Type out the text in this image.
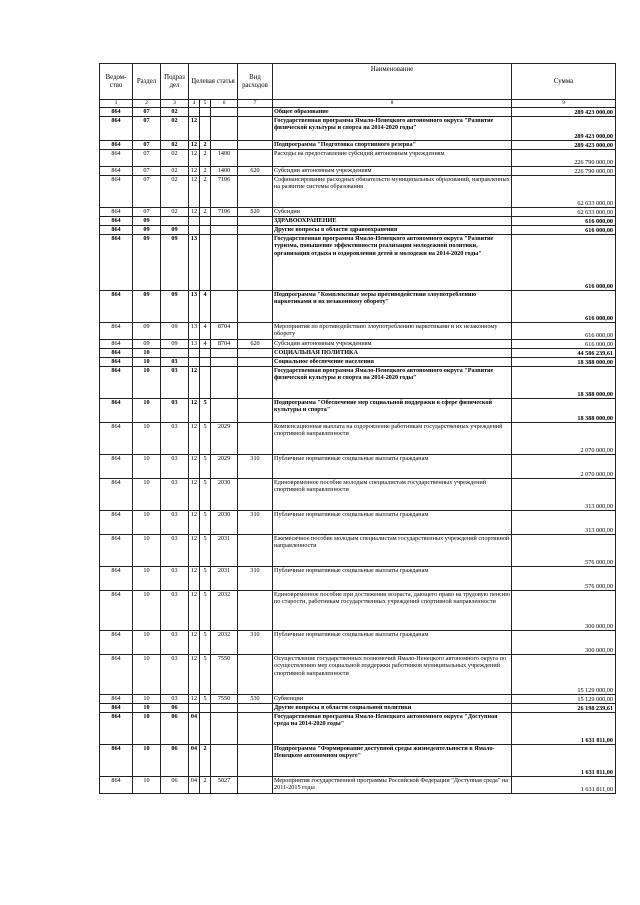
Ведом-ство	Раздел	Подраз дел	Целевая статья			Вид расходов	Наименование	Сумма
1	2	3	4	5	6	7	8	9
864	07	02					Общее образование	289 423 000,00
864	07	02	12				Государственная программа Ямало-Ненецкого автономного округа "Развитие физической культуры и спорта на 2014-2020 годы"	289 423 000,00
864	07	02	12	2			Подпрограмма "Подготовка спортивного резерва"	289 423 000,00
864	07	02	12	2	1400		Расходы на предоставление субсидий автономным учреждениям	226 790 000,00
864	07	02	12	2	1400	620	Субсидии автономным учреждениям	226 790 000,00
864	07	02	12	2	7106		Софинансирование расходных обязательств муниципальных образований, направленных на развитие системы образования	62 633 000,00
864	07	02	12	2	7106	520	Субсидии	62 633 000,00
864	09						ЗДРАВООХРАНЕНИЕ	616 000,00
864	09	09					Другие вопросы в области здравоохранения	616 000,00
864	09	09	13				Государственная программа Ямало-Ненецкого автономного округа "Развитие туризма, повышение эффективности реализации молодежной политики, организация отдыха и оздоровления детей и молодежи на 2014-2020 годы"	616 000,00
864	09	09	13	4			Подпрограмма "Комплексные меры противодействия злоупотреблению наркотиками и их незаконному обороту"	616 000,00
864	09	09	13	4	8704		Мероприятия по противодействию злоупотреблению наркотиками и их незаконному обороту	616 000,00
864	09	09	13	4	8704	620	Субсидии автономным учреждениям	616 000,00
864	10						СОЦИАЛЬНАЯ ПОЛИТИКА	44 586 239,61
864	10	03					Социальное обеспечение населения	18 388 000,00
864	10	03	12				Государственная программа Ямало-Ненецкого автономного округа "Развитие физической культуры и спорта на 2014-2020 годы"	18 388 000,00
864	10	03	12	5			Подпрограмма "Обеспечение мер социальной поддержки в сфере физической культуры и спорта"	18 388 000,00
864	10	03	12	5	2029		Компенсационная выплата на оздоровление работникам государственных учреждений спортивной направленности	2 070 000,00
864	10	03	12	5	2029	310	Публичные нормативные социальные выплаты гражданам	2 070 000,00
864	10	03	12	5	2030		Единовременное пособие молодым специалистам государственных учреждений спортивной направленности	313 000,00
864	10	03	12	5	2030	310	Публичные нормативные социальные выплаты гражданам	313 000,00
864	10	03	12	5	2031		Ежемесячное пособие молодым специалистам государственных учреждений спортивной направленности	576 000,00
864	10	03	12	5	2031	310	Публичные нормативные социальные выплаты гражданам	576 000,00
864	10	03	12	5	2032		Единовременное пособие при достижении возраста, дающего право на трудовую пенсию по старости, работникам государственных учреждений спортивной направленности	300 000,00
864	10	03	12	5	2032	310	Публичные нормативные социальные выплаты гражданам	300 000,00
864	10	03	12	5	7550		Осуществление государственных полномочий Ямало-Ненецкого автономного округа по осуществлению мер социальной поддержки работников муниципальных учреждений спортивной направленности	15 129 000,00
864	10	03	12	5	7550	530	Субвенции	15 129 000,00
864	10	06					Другие вопросы в области социальной политики	26 198 239,61
864	10	06	04				Государственная программа Ямало-Ненецкого автономного округа "Доступная среда на 2014-2020 годы"	1 631 811,00
864	10	06	04	2			Подпрограмма "Формирование доступной среды жизнедеятельности в Ямало-Ненецком автономном округе"	1 631 811,00
864	10	06	04	2	5027		Мероприятия государственной программы Российской Федерации "Доступная среда" на 2011-2015 годы	1 631 811,00
